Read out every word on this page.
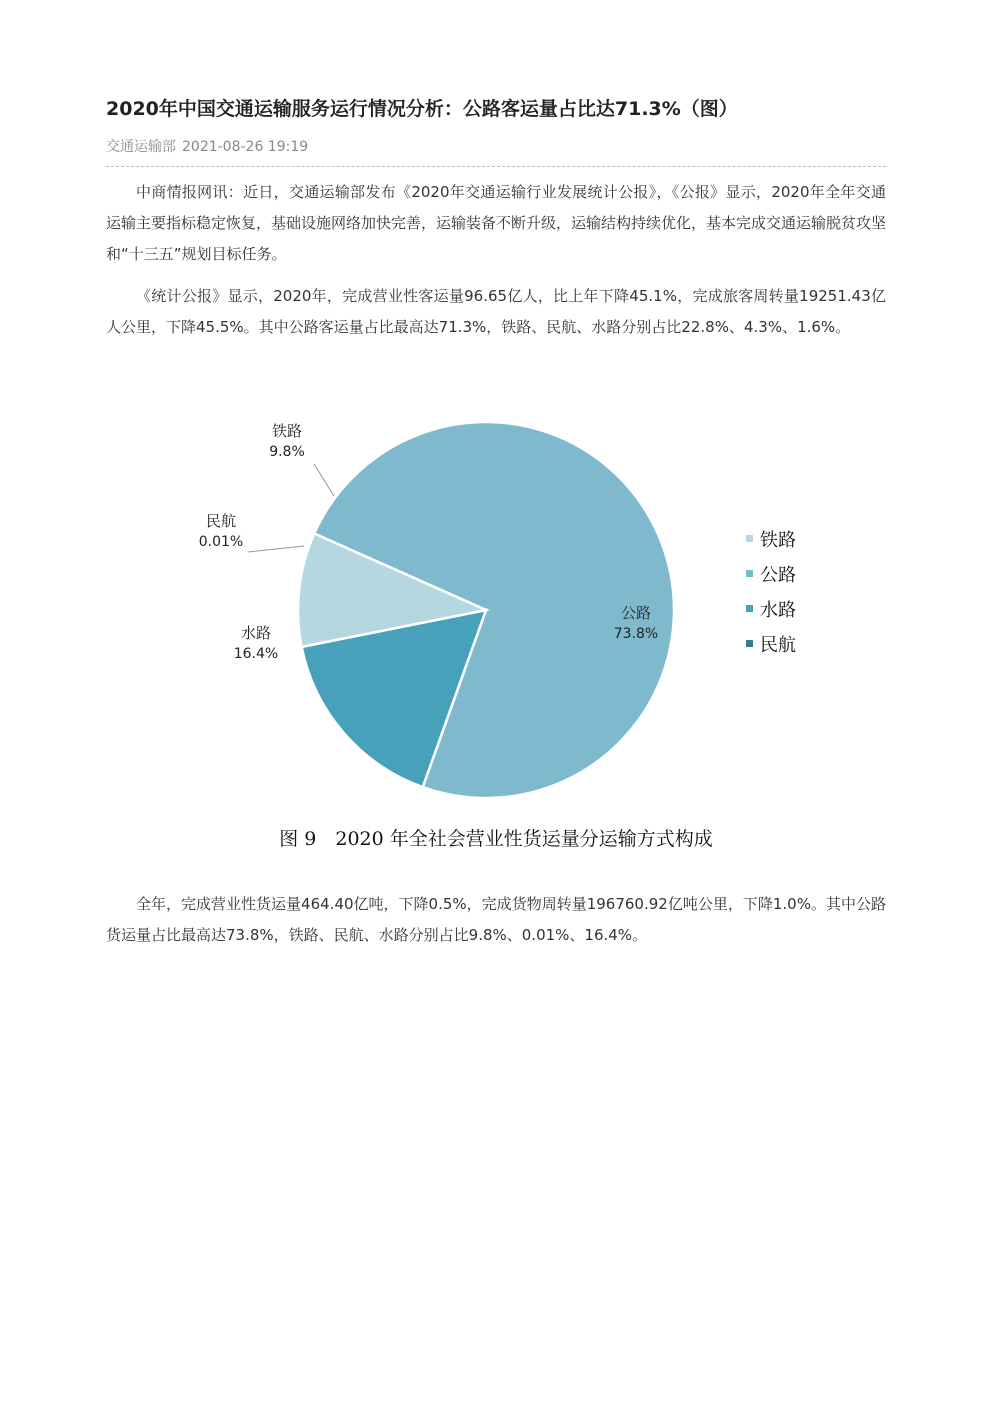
2020年中国交通运输服务运行情况分析：公路客运量占比达71.3%（图）
交通运输部 2021-08-26 19:19

中商情报网讯：近日，交通运输部发布《2020年交通运输行业发展统计公报》，《公报》显示，2020年全年交通运输主要指标稳定恢复，基础设施网络加快完善，运输装备不断升级，运输结构持续优化，基本完成交通运输脱贫攻坚和“十三五”规划目标任务。

《统计公报》显示，2020年，完成营业性客运量96.65亿人，比上年下降45.1%，完成旅客周转量19251.43亿人公里，下降45.5%。其中公路客运量占比最高达71.3%，铁路、民航、水路分别占比22.8%、4.3%、1.6%。

公路
73.8%
水路
16.4%
民航
0.01%
铁路
9.8%
铁路
公路
水路
民航
图 9　2020 年全社会营业性货运量分运输方式构成

全年，完成营业性货运量464.40亿吨，下降0.5%，完成货物周转量196760.92亿吨公里，下降1.0%。其中公路货运量占比最高达73.8%，铁路、民航、水路分别占比9.8%、0.01%、16.4%。
